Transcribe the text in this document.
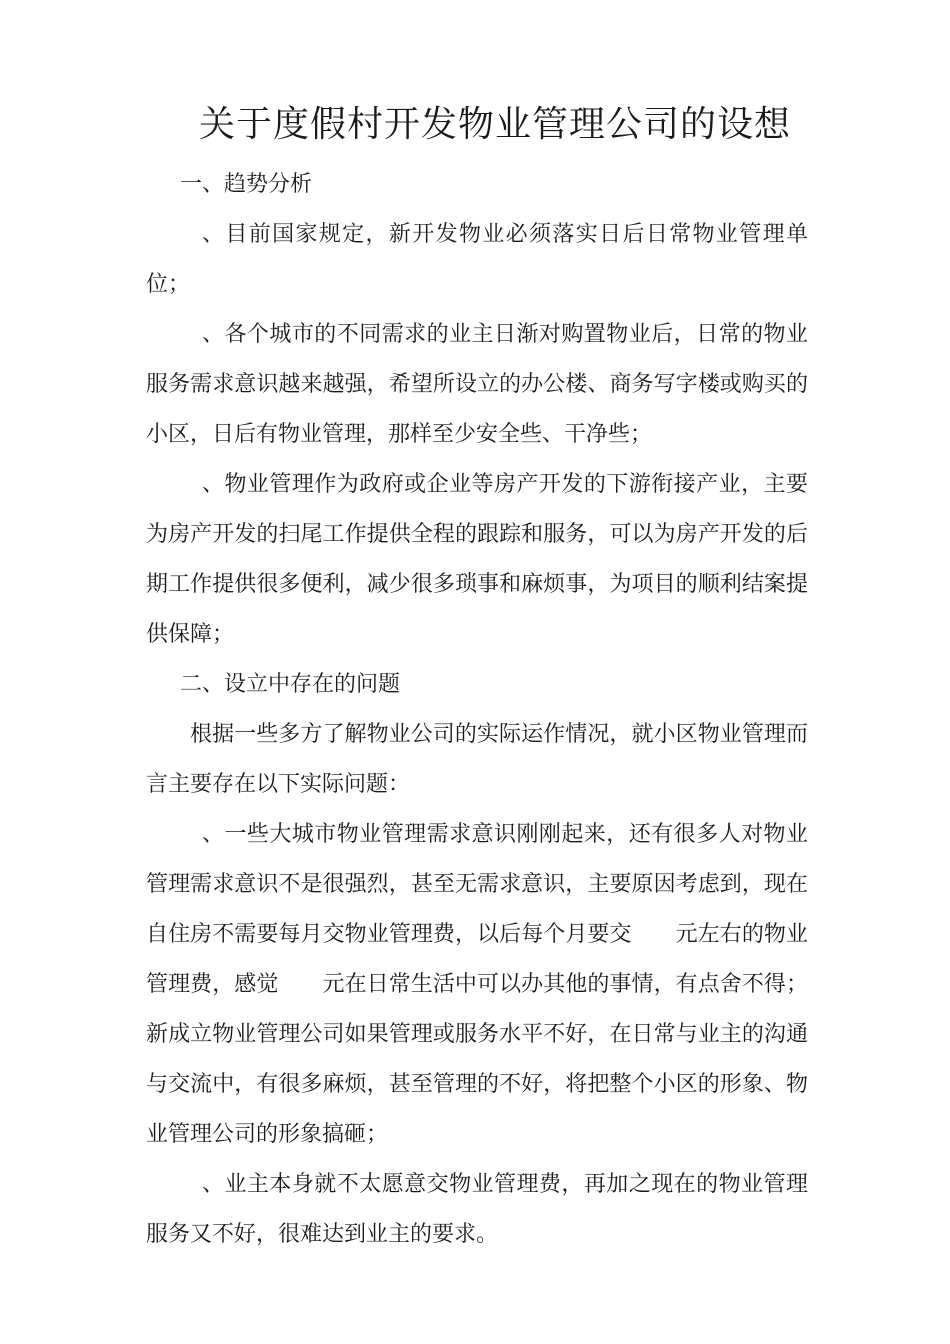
关于度假村开发物业管理公司的设想

一、趋势分析

、目前国家规定，新开发物业必须落实日后日常物业管理单位；

、各个城市的不同需求的业主日渐对购置物业后，日常的物业服务需求意识越来越强，希望所设立的办公楼、商务写字楼或购买的小区，日后有物业管理，那样至少安全些、干净些；

、物业管理作为政府或企业等房产开发的下游衔接产业，主要为房产开发的扫尾工作提供全程的跟踪和服务，可以为房产开发的后期工作提供很多便利，减少很多琐事和麻烦事，为项目的顺利结案提供保障；

二、设立中存在的问题

根据一些多方了解物业公司的实际运作情况，就小区物业管理而言主要存在以下实际问题：

、一些大城市物业管理需求意识刚刚起来，还有很多人对物业管理需求意识不是很强烈，甚至无需求意识，主要原因考虑到，现在自住房不需要每月交物业管理费，以后每个月要交 元左右的物业管理费，感觉 元在日常生活中可以办其他的事情，有点舍不得；新成立物业管理公司如果管理或服务水平不好，在日常与业主的沟通与交流中，有很多麻烦，甚至管理的不好，将把整个小区的形象、物业管理公司的形象搞砸；

、业主本身就不太愿意交物业管理费，再加之现在的物业管理服务又不好，很难达到业主的要求。
